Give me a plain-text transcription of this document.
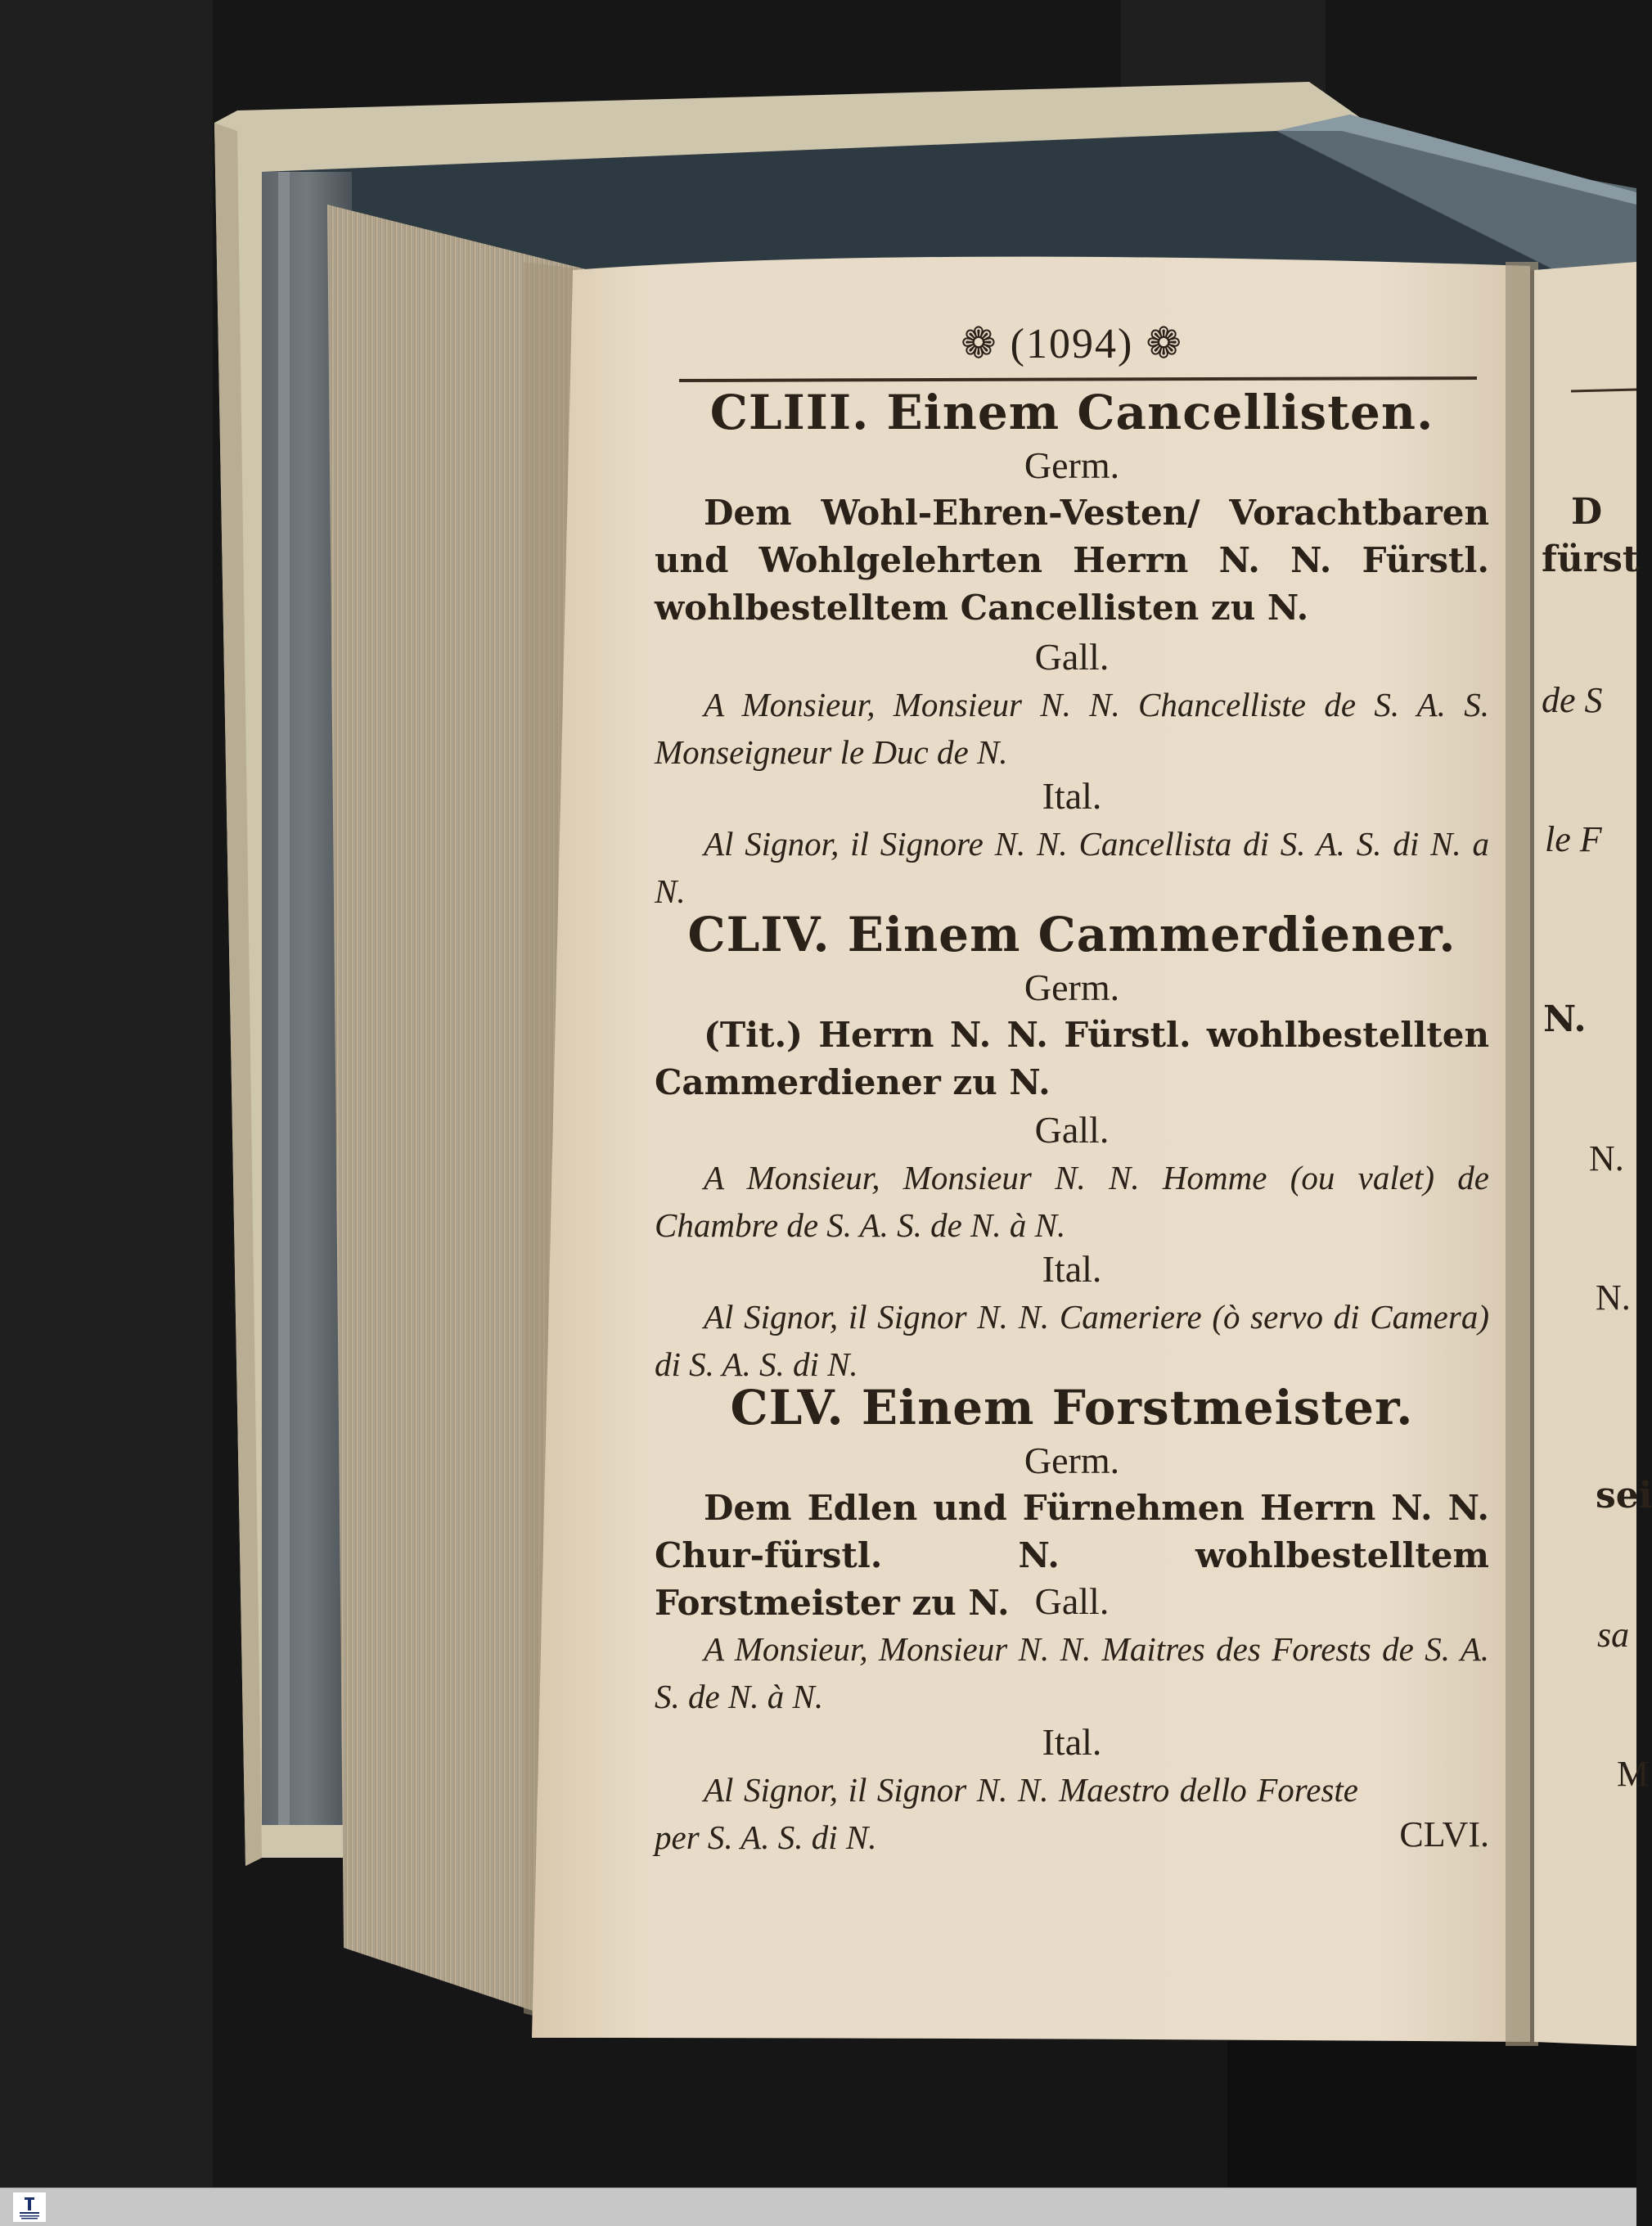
❁ (1094) ❁
CLIII. Einem Cancellisten.
Germ.
Dem Wohl-Ehren-Vesten/ Vorachtbaren und Wohlgelehrten Herrn N. N. Fürstl. wohlbestelltem Cancellisten zu N.
Gall.
A Monsieur, Monsieur N. N. Chancelliste de S. A. S. Monseigneur le Duc de N.
Ital.
Al Signor, il Signore N. N. Cancellista di S. A. S. di N. a N.
CLIV. Einem Cammerdiener.
Germ.
(Tit.) Herrn N. N. Fürstl. wohlbestellten Cammerdiener zu N.
Gall.
A Monsieur, Monsieur N. N. Homme (ou valet) de Chambre de S. A. S. de N. à N.
Ital.
Al Signor, il Signor N. N. Cameriere (ò servo di Camera) di S. A. S. di N.
CLV. Einem Forstmeister.
Germ.
Dem Edlen und Fürnehmen Herrn N. N. Chur-fürstl. N. wohlbestelltem Forstmeister zu N. Gall.
A Monsieur, Monsieur N. N. Maitres des Forests de S. A. S. de N. à N.
Ital.
Al Signor, il Signor N. N. Maestro dello Foreste per S. A. S. di N.	CLVI.
D
fürst
de S
le F
N.
N.
N.
sei
sa
M
